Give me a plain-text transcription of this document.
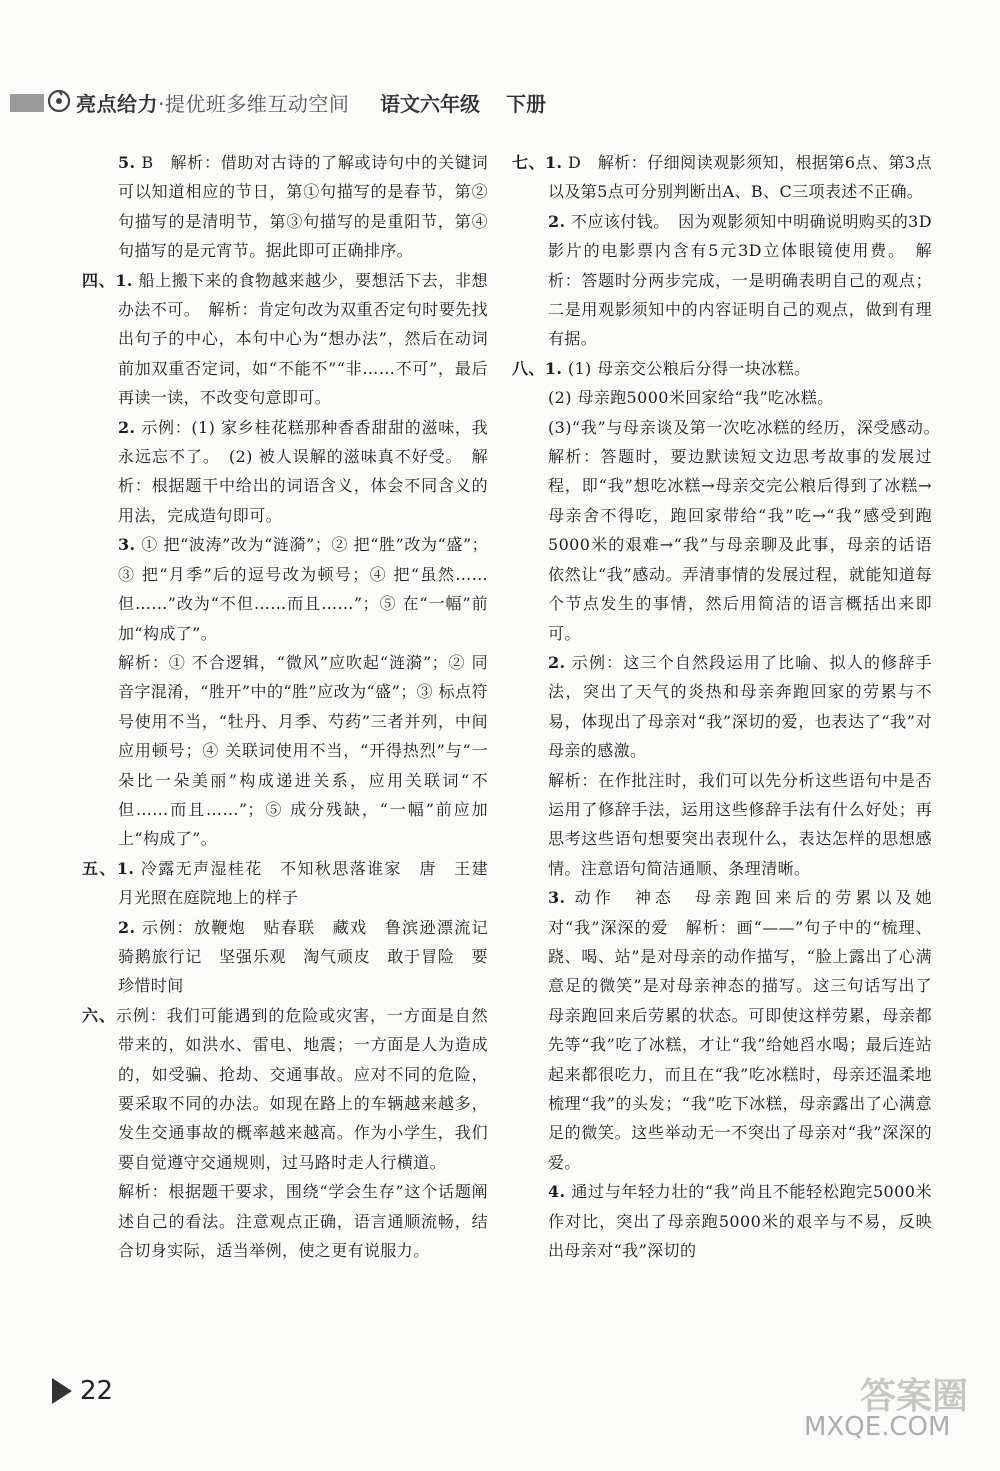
亮点给力·提优班多维互动空间 语文六年级 下册

5. B　解析：借助对古诗的了解或诗句中的关键词可以知道相应的节日，第①句描写的是春节，第②句描写的是清明节，第③句描写的是重阳节，第④句描写的是元宵节。据此即可正确排序。

四、1. 船上搬下来的食物越来越少，要想活下去，非想办法不可。　解析：肯定句改为双重否定句时要先找出句子的中心，本句中心为“想办法”，然后在动词前加双重否定词，如“不能不”“非……不可”，最后再读一读，不改变句意即可。

2. 示例：(1) 家乡桂花糕那种香香甜甜的滋味，我永远忘不了。　(2) 被人误解的滋味真不好受。　解析：根据题干中给出的词语含义，体会不同含义的用法，完成造句即可。

3. ① 把“波涛”改为“涟漪”；② 把“胜”改为“盛”；③ 把“月季”后的逗号改为顿号；④ 把“虽然……但……”改为“不但……而且……”；⑤ 在“一幅”前加“构成了”。

解析：① 不合逻辑，“微风”应吹起“涟漪”；② 同音字混淆，“胜开”中的“胜”应改为“盛”；③ 标点符号使用不当，“牡丹、月季、芍药”三者并列，中间应用顿号；④ 关联词使用不当，“开得热烈”与“一朵比一朵美丽”构成递进关系，应用关联词“不但……而且……”；⑤ 成分残缺，“一幅”前应加上“构成了”。

五、1. 冷露无声湿桂花　不知秋思落谁家　唐　王建　月光照在庭院地上的样子

2. 示例：放鞭炮　贴春联　藏戏　鲁滨逊漂流记　骑鹅旅行记　坚强乐观　淘气顽皮　敢于冒险　要珍惜时间

六、示例：我们可能遇到的危险或灾害，一方面是自然带来的，如洪水、雷电、地震；一方面是人为造成的，如受骗、抢劫、交通事故。应对不同的危险，要采取不同的办法。如现在路上的车辆越来越多，发生交通事故的概率越来越高。作为小学生，我们要自觉遵守交通规则，过马路时走人行横道。

解析：根据题干要求，围绕“学会生存”这个话题阐述自己的看法。注意观点正确，语言通顺流畅，结合切身实际，适当举例，使之更有说服力。

七、1. D　解析：仔细阅读观影须知，根据第6点、第3点以及第5点可分别判断出A、B、C三项表述不正确。

2. 不应该付钱。　因为观影须知中明确说明购买的3D影片的电影票内含有5元3D立体眼镜使用费。　解析：答题时分两步完成，一是明确表明自己的观点；二是用观影须知中的内容证明自己的观点，做到有理有据。

八、1. (1) 母亲交公粮后分得一块冰糕。

(2) 母亲跑5000米回家给“我”吃冰糕。

(3)“我”与母亲谈及第一次吃冰糕的经历，深受感动。　解析：答题时，要边默读短文边思考故事的发展过程，即“我”想吃冰糕→母亲交完公粮后得到了冰糕→母亲舍不得吃，跑回家带给“我”吃→“我”感受到跑5000米的艰难→“我”与母亲聊及此事，母亲的话语依然让“我”感动。弄清事情的发展过程，就能知道每个节点发生的事情，然后用简洁的语言概括出来即可。

2. 示例：这三个自然段运用了比喻、拟人的修辞手法，突出了天气的炎热和母亲奔跑回家的劳累与不易，体现出了母亲对“我”深切的爱，也表达了“我”对母亲的感激。

解析：在作批注时，我们可以先分析这些语句中是否运用了修辞手法，运用这些修辞手法有什么好处；再思考这些语句想要突出表现什么，表达怎样的思想感情。注意语句简洁通顺、条理清晰。

3. 动作　神态　母亲跑回来后的劳累以及她对“我”深深的爱　解析：画“——”句子中的“梳理、跷、喝、站”是对母亲的动作描写，“脸上露出了心满意足的微笑”是对母亲神态的描写。这三句话写出了母亲跑回来后劳累的状态。可即使这样劳累，母亲都先等“我”吃了冰糕，才让“我”给她舀水喝；最后连站起来都很吃力，而且在“我”吃冰糕时，母亲还温柔地梳理“我”的头发；“我”吃下冰糕，母亲露出了心满意足的微笑。这些举动无一不突出了母亲对“我”深深的爱。

4. 通过与年轻力壮的“我”尚且不能轻松跑完5000米作对比，突出了母亲跑5000米的艰辛与不易，反映出母亲对“我”深切的

22	答案圈
MXQE.COM
